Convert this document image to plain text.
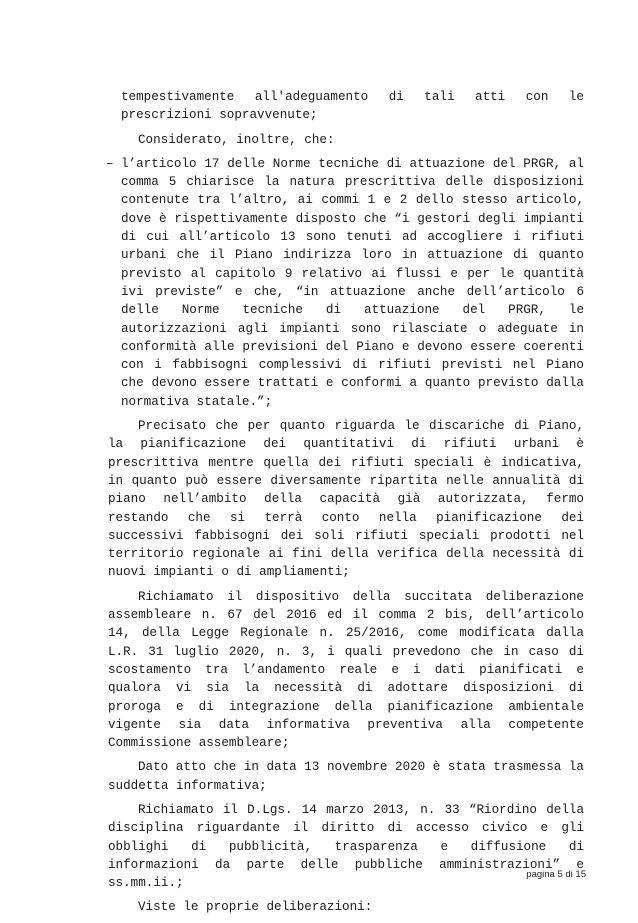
tempestivamente all'adeguamento di tali atti con le prescrizioni sopravvenute;

Considerato, inoltre, che:

– l’articolo 17 delle Norme tecniche di attuazione del PRGR, al comma 5 chiarisce la natura prescrittiva delle disposizioni contenute tra l’altro, ai commi 1 e 2 dello stesso articolo, dove è rispettivamente disposto che “i gestori degli impianti di cui all’articolo 13 sono tenuti ad accogliere i rifiuti urbani che il Piano indirizza loro in attuazione di quanto previsto al capitolo 9 relativo ai flussi e per le quantità ivi previste” e che, “in attuazione anche dell’articolo 6 delle Norme tecniche di attuazione del PRGR, le autorizzazioni agli impianti sono rilasciate o adeguate in conformità alle previsioni del Piano e devono essere coerenti con i fabbisogni complessivi di rifiuti previsti nel Piano che devono essere trattati e conformi a quanto previsto dalla normativa statale.”;

Precisato che per quanto riguarda le discariche di Piano, la pianificazione dei quantitativi di rifiuti urbani è prescrittiva mentre quella dei rifiuti speciali è indicativa, in quanto può essere diversamente ripartita nelle annualità di piano nell’ambito della capacità già autorizzata, fermo restando che si terrà conto nella pianificazione dei successivi fabbisogni dei soli rifiuti speciali prodotti nel territorio regionale ai fini della verifica della necessità di nuovi impianti o di ampliamenti;

Richiamato il dispositivo della succitata deliberazione assembleare n. 67 del 2016 ed il comma 2 bis, dell’articolo 14, della Legge Regionale n. 25/2016, come modificata dalla L.R. 31 luglio 2020, n. 3, i quali prevedono che in caso di scostamento tra l’andamento reale e i dati pianificati e qualora vi sia la necessità di adottare disposizioni di proroga e di integrazione della pianificazione ambientale vigente sia data informativa preventiva alla competente Commissione assembleare;

Dato atto che in data 13 novembre 2020 è stata trasmessa la suddetta informativa;

Richiamato il D.Lgs. 14 marzo 2013, n. 33 “Riordino della disciplina riguardante il diritto di accesso civico e gli obblighi di pubblicità, trasparenza e diffusione di informazioni da parte delle pubbliche amministrazioni” e ss.mm.ii.;

Viste le proprie deliberazioni:

pagina 5 di 15
